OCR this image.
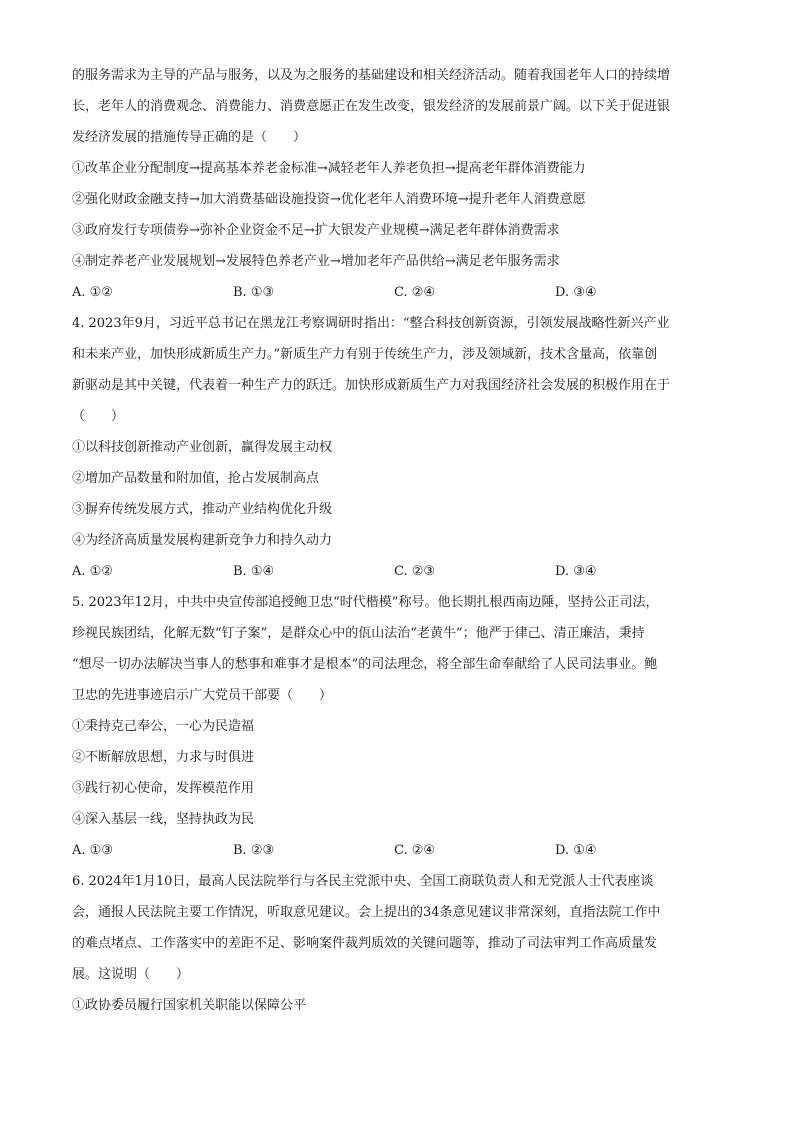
的服务需求为主导的产品与服务，以及为之服务的基础建设和相关经济活动。随着我国老年人口的持续增
长，老年人的消费观念、消费能力、消费意愿正在发生改变，银发经济的发展前景广阔。以下关于促进银
发经济发展的措施传导正确的是（　　）
①改革企业分配制度→提高基本养老金标准→减轻老年人养老负担→提高老年群体消费能力
②强化财政金融支持→加大消费基础设施投资→优化老年人消费环境→提升老年人消费意愿
③政府发行专项债券→弥补企业资金不足→扩大银发产业规模→满足老年群体消费需求
④制定养老产业发展规划→发展特色养老产业→增加老年产品供给→满足老年服务需求
A. ①②	B. ①③	C. ②④	D. ③④
4. 2023年9月，习近平总书记在黑龙江考察调研时指出：“整合科技创新资源，引领发展战略性新兴产业
和未来产业，加快形成新质生产力。”新质生产力有别于传统生产力，涉及领域新，技术含量高，依靠创
新驱动是其中关键，代表着一种生产力的跃迁。加快形成新质生产力对我国经济社会发展的积极作用在于
（　　）
①以科技创新推动产业创新，赢得发展主动权
②增加产品数量和附加值，抢占发展制高点
③摒弃传统发展方式，推动产业结构优化升级
④为经济高质量发展构建新竞争力和持久动力
A. ①②	B. ①④	C. ②③	D. ③④
5. 2023年12月，中共中央宣传部追授鲍卫忠“时代楷模”称号。他长期扎根西南边陲，坚持公正司法，
珍视民族团结，化解无数“钉子案”，是群众心中的佤山法治“老黄牛”；他严于律己、清正廉洁，秉持
“想尽一切办法解决当事人的愁事和难事才是根本”的司法理念，将全部生命奉献给了人民司法事业。鲍
卫忠的先进事迹启示广大党员干部要（　　）
①秉持克己奉公，一心为民造福
②不断解放思想，力求与时俱进
③践行初心使命，发挥模范作用
④深入基层一线，坚持执政为民
A. ①③	B. ②③	C. ②④	D. ①④
6. 2024年1月10日，最高人民法院举行与各民主党派中央、全国工商联负责人和无党派人士代表座谈
会，通报人民法院主要工作情况，听取意见建议。会上提出的34条意见建议非常深刻，直指法院工作中
的难点堵点、工作落实中的差距不足、影响案件裁判质效的关键问题等，推动了司法审判工作高质量发
展。这说明（　　）
①政协委员履行国家机关职能以保障公平
